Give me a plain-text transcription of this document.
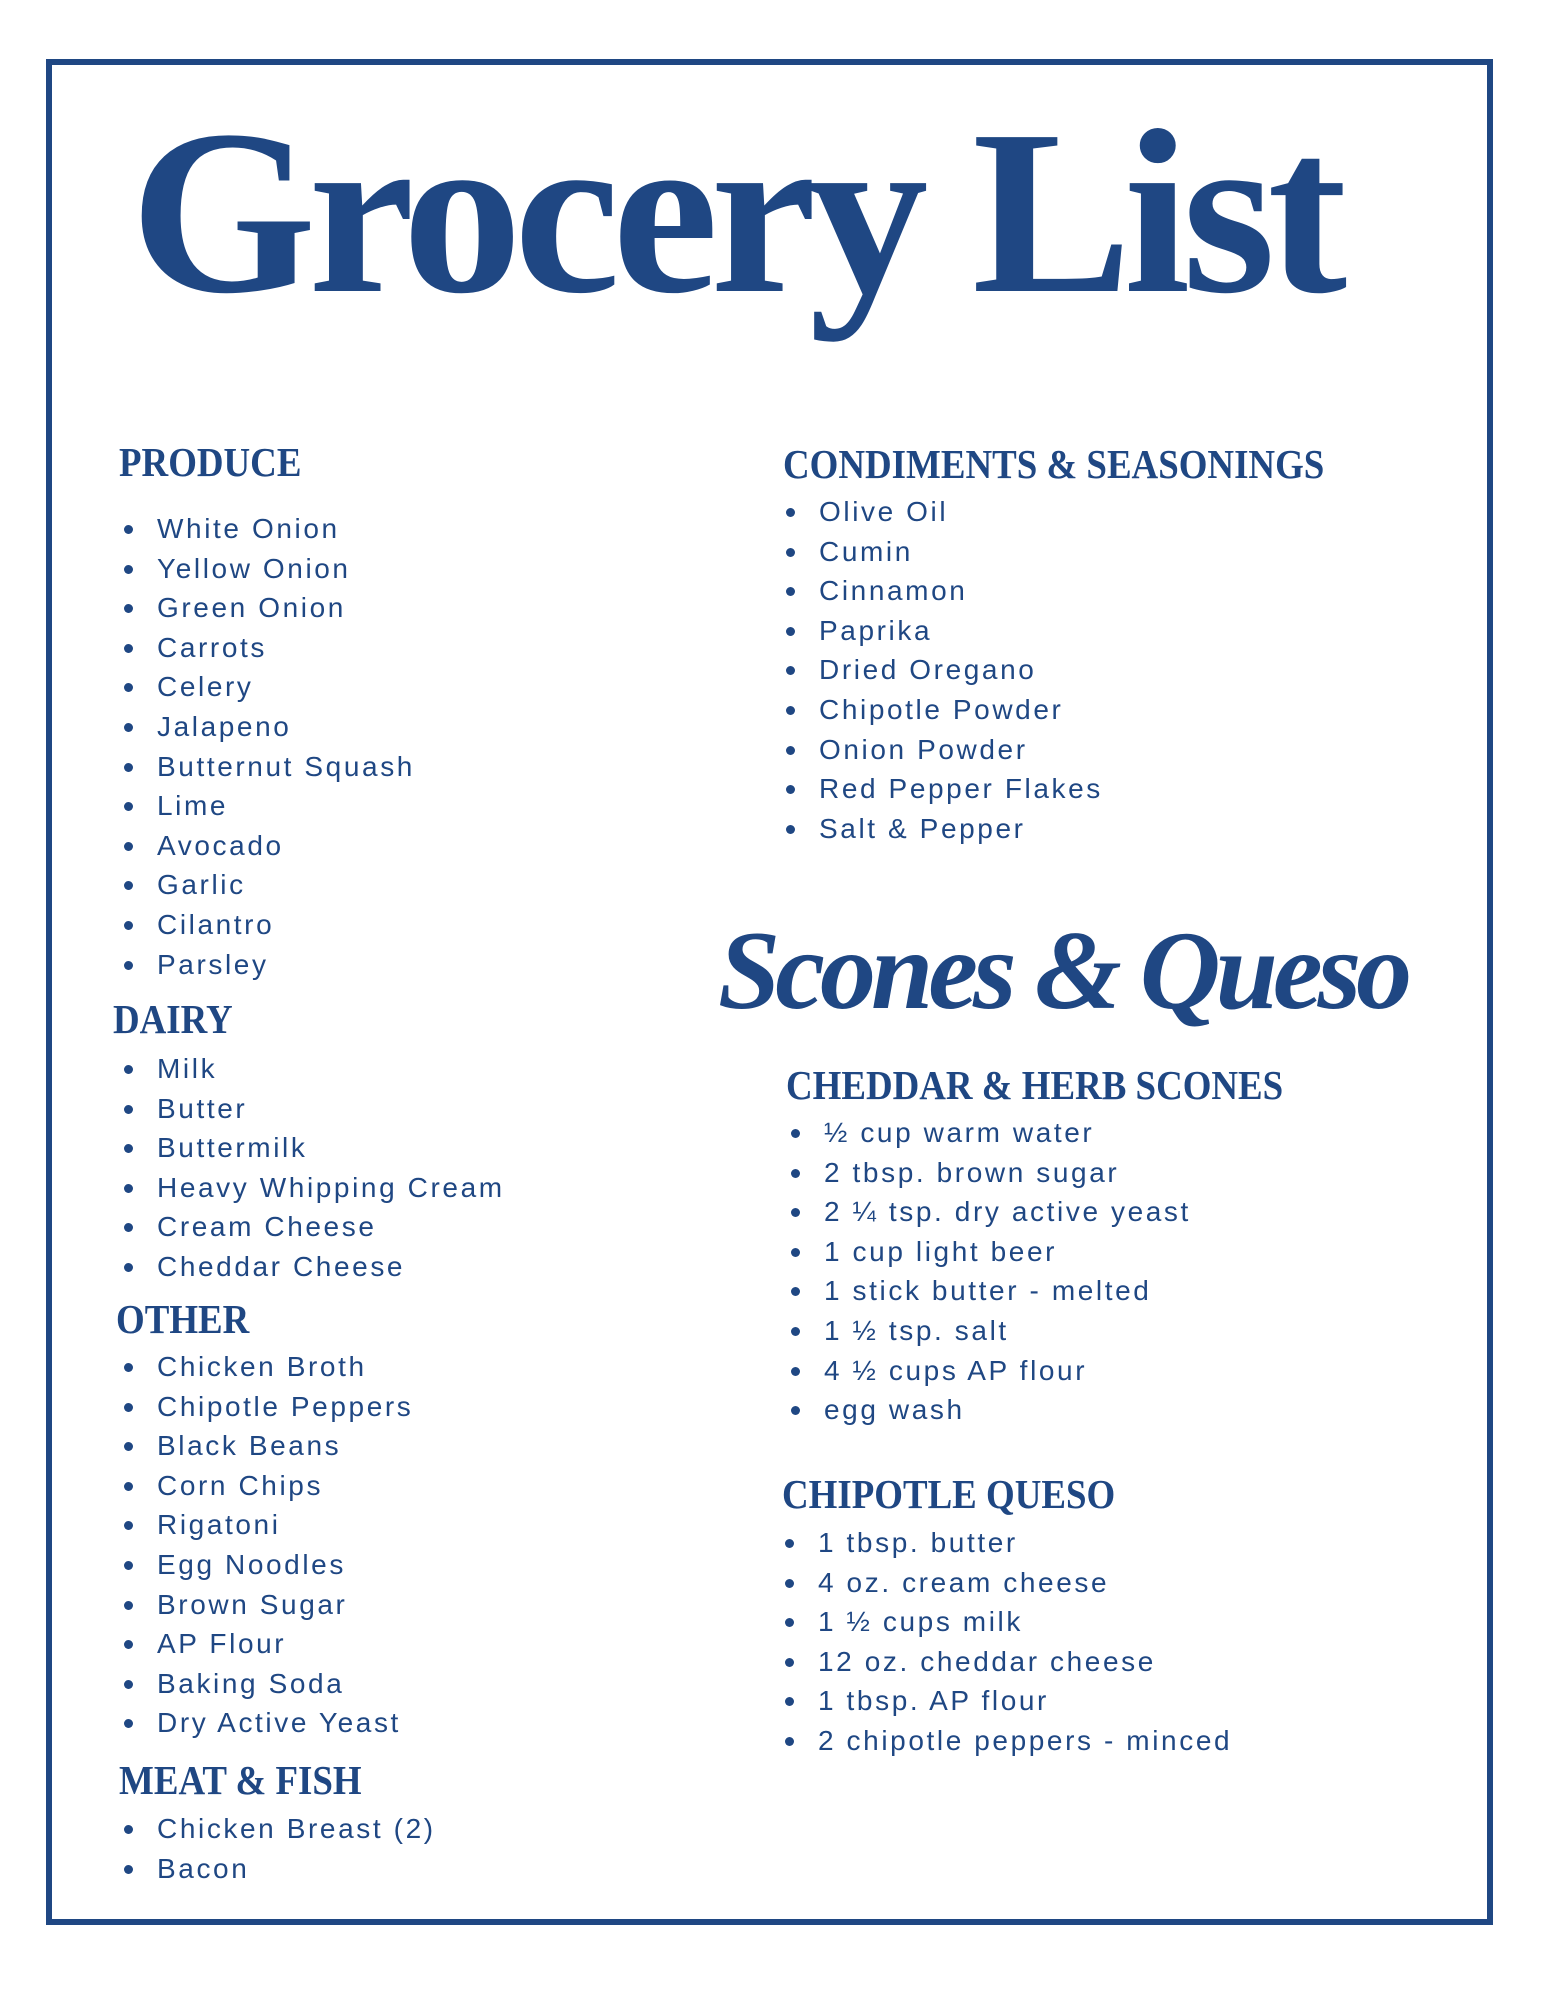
Grocery List
PRODUCE
White Onion
Yellow Onion
Green Onion
Carrots
Celery
Jalapeno
Butternut Squash
Lime
Avocado
Garlic
Cilantro
Parsley
DAIRY
Milk
Butter
Buttermilk
Heavy Whipping Cream
Cream Cheese
Cheddar Cheese
OTHER
Chicken Broth
Chipotle Peppers
Black Beans
Corn Chips
Rigatoni
Egg Noodles
Brown Sugar
AP Flour
Baking Soda
Dry Active Yeast
MEAT & FISH
Chicken Breast (2)
Bacon
CONDIMENTS & SEASONINGS
Olive Oil
Cumin
Cinnamon
Paprika
Dried Oregano
Chipotle Powder
Onion Powder
Red Pepper Flakes
Salt & Pepper
Scones & Queso
CHEDDAR & HERB SCONES
½ cup warm water
2 tbsp. brown sugar
2 ¼ tsp. dry active yeast
1 cup light beer
1 stick butter - melted
1 ½ tsp. salt
4 ½ cups AP flour
egg wash
CHIPOTLE QUESO
1 tbsp. butter
4 oz. cream cheese
1 ½ cups milk
12 oz. cheddar cheese
1 tbsp. AP flour
2 chipotle peppers - minced
